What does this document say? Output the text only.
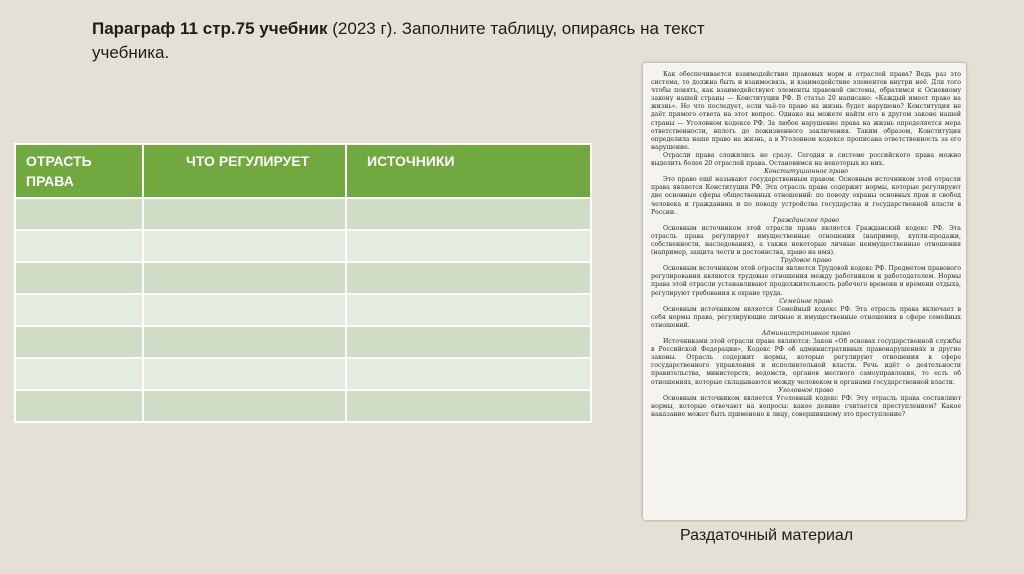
Параграф 11 стр.75 учебник (2023 г). Заполните таблицу, опираясь на текст учебника.
ОТРАСТЬ ПРАВА	ЧТО РЕГУЛИРУЕТ	ИСТОЧНИКИ

Как обеспечивается взаимодействие правовых норм и отраслей права? Ведь раз это система, то должна быть и взаимосвязь, и взаимодействие элементов внутри неё. Для того чтобы понять, как взаимодействуют элементы правовой системы, обратимся к Основному закону нашей страны — Конституции РФ. В статье 20 написано: «Каждый имеет право на жизнь». Но что последует, если чьё-то право на жизнь будет нарушено? Конституция не даёт прямого ответа на этот вопрос. Однако вы можете найти его в другом законе нашей страны — Уголовном кодексе РФ. За любое нарушение права на жизнь определяется мера ответственности, вплоть до пожизненного заключения. Таким образом, Конституция определила наше право на жизнь, а в Уголовном кодексе прописана ответственность за его нарушение.

Отрасли права сложились не сразу. Сегодня в системе российского права можно выделить более 20 отраслей права. Остановимся на некоторых из них.

Конституционное право

Это право ещё называют государственным правом. Основным источником этой отрасли права является Конституция РФ. Эта отрасль права содержит нормы, которые регулируют две основные сферы общественных отношений: по поводу охраны основных прав и свобод человека и гражданина и по поводу устройства государства и государственной власти в России.

Гражданское право

Основным источником этой отрасли права является Гражданский кодекс РФ. Эта отрасль права регулирует имущественные отношения (например, купли-продажи, собственности, наследования), а также некоторые личные неимущественные отношения (например, защита чести и достоинства, право на имя).

Трудовое право

Основным источником этой отрасли является Трудовой кодекс РФ. Предметом правового регулирования являются трудовые отношения между работником и работодателем. Нормы права этой отрасли устанавливают продолжительность рабочего времени и времени отдыха, регулируют требования к охране труда.

Семейное право

Основным источником является Семейный кодекс РФ. Эта отрасль права включает в себя нормы права, регулирующие личные и имущественные отношения в сфере семейных отношений.

Административное право

Источниками этой отрасли права являются: Закон «Об основах государственной службы в Российской Федерации», Кодекс РФ об административных правонарушениях и другие законы. Отрасль содержит нормы, которые регулируют отношения в сфере государственного управления и исполнительной власти. Речь идёт о деятельности правительства, министерств, ведомств, органов местного самоуправления, то есть об отношениях, которые складываются между человеком и органами государственной власти.

Уголовное право

Основным источником является Уголовный кодекс РФ. Эту отрасль права составляют нормы, которые отвечают на вопросы: какое деяние считается преступлением? Какое наказание может быть применено к лицу, совершившему это преступление?

Раздаточный материал
